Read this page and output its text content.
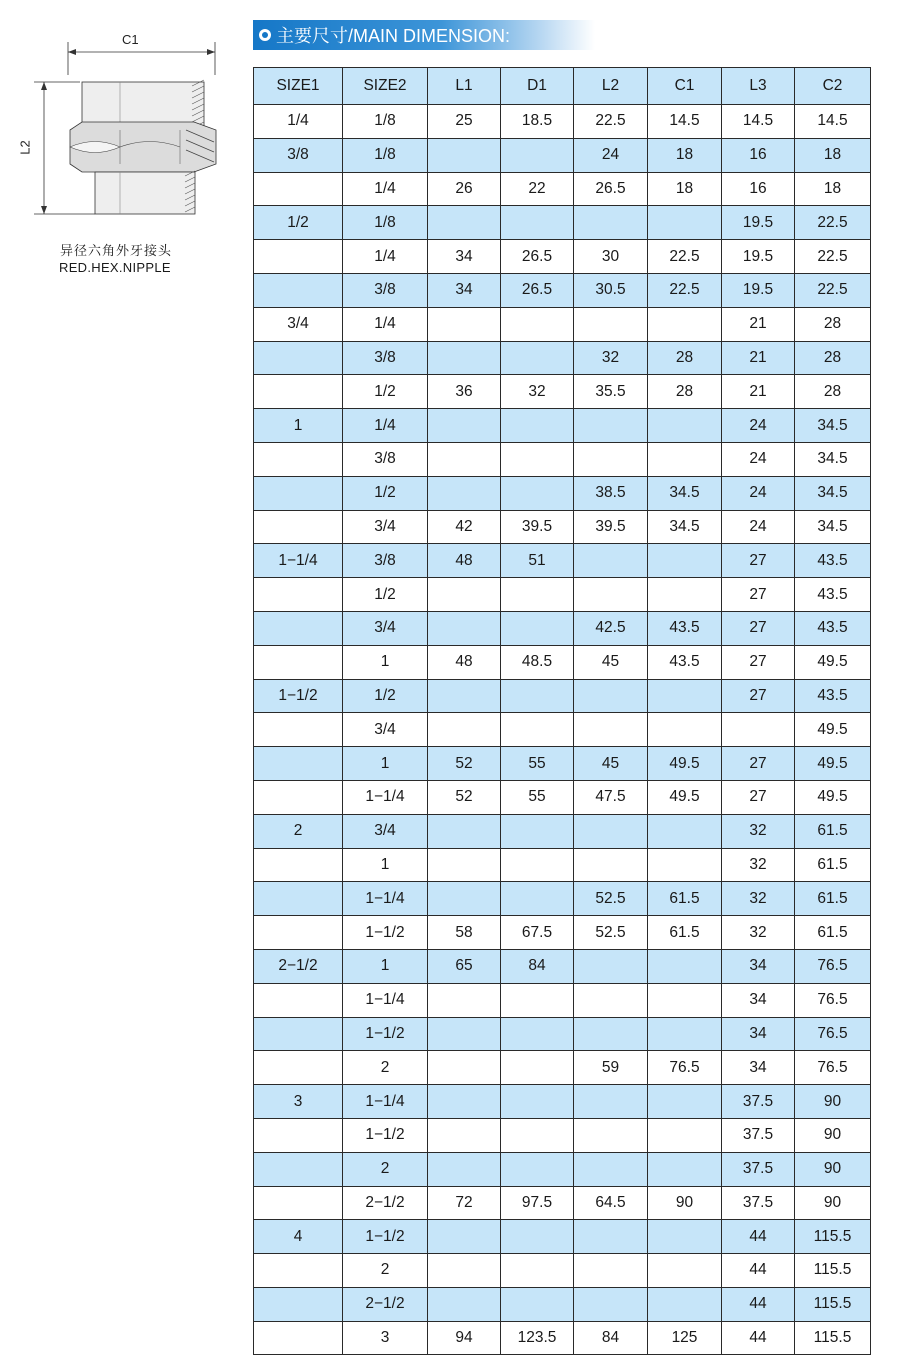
C1
L2
异径六角外牙接头
RED.HEX.NIPPLE
主要尺寸/MAIN DIMENSION:
SIZE1	SIZE2	L1	D1	L2	C1	L3	C2
1/4	1/8	25	18.5	22.5	14.5	14.5	14.5
3/8	1/8			24	18	16	18
	1/4	26	22	26.5	18	16	18
1/2	1/8					19.5	22.5
	1/4	34	26.5	30	22.5	19.5	22.5
	3/8	34	26.5	30.5	22.5	19.5	22.5
3/4	1/4					21	28
	3/8			32	28	21	28
	1/2	36	32	35.5	28	21	28
1	1/4					24	34.5
	3/8					24	34.5
	1/2			38.5	34.5	24	34.5
	3/4	42	39.5	39.5	34.5	24	34.5
1−1/4	3/8	48	51			27	43.5
	1/2					27	43.5
	3/4			42.5	43.5	27	43.5
	1	48	48.5	45	43.5	27	49.5
1−1/2	1/2					27	43.5
	3/4						49.5
	1	52	55	45	49.5	27	49.5
	1−1/4	52	55	47.5	49.5	27	49.5
2	3/4					32	61.5
	1					32	61.5
	1−1/4			52.5	61.5	32	61.5
	1−1/2	58	67.5	52.5	61.5	32	61.5
2−1/2	1	65	84			34	76.5
	1−1/4					34	76.5
	1−1/2					34	76.5
	2			59	76.5	34	76.5
3	1−1/4					37.5	90
	1−1/2					37.5	90
	2					37.5	90
	2−1/2	72	97.5	64.5	90	37.5	90
4	1−1/2					44	115.5
	2					44	115.5
	2−1/2					44	115.5
	3	94	123.5	84	125	44	115.5
